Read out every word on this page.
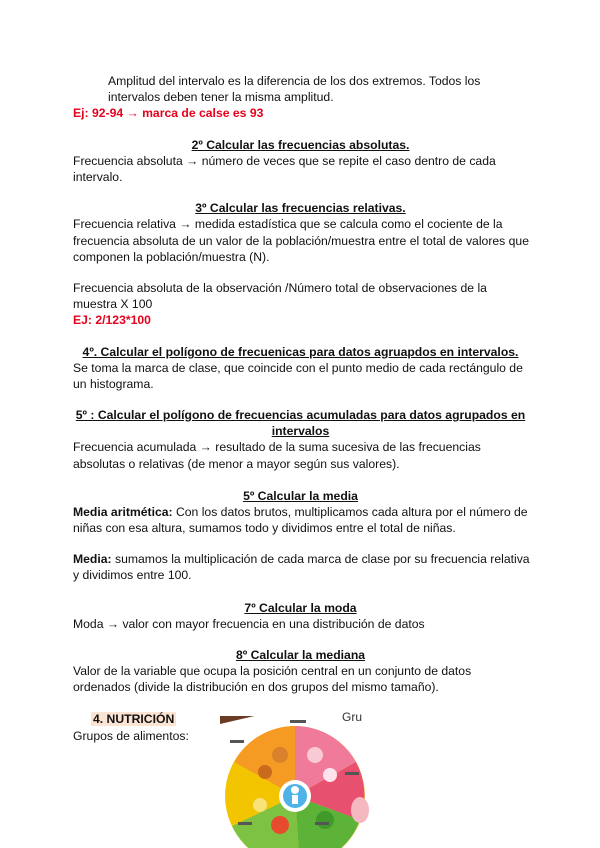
Amplitud del intervalo es la diferencia de los dos extremos. Todos los

intervalos deben tener la misma amplitud.

Ej: 92-94 → marca de calse es 93

2º Calcular las frecuencias absolutas.

Frecuencia absoluta → número de veces que se repite el caso dentro de cada

intervalo.

3º Calcular las frecuencias relativas.

Frecuencia relativa → medida estadística que se calcula como el cociente de la

frecuencia absoluta de un valor de la población/muestra entre el total de valores que

componen la población/muestra (N).

Frecuencia absoluta de la observación /Número total de observaciones de la

muestra X 100

EJ: 2/123*100

4º. Calcular el polígono de frecuenicas para datos agruapdos en intervalos.

Se toma la marca de clase, que coincide con el punto medio de cada rectángulo de

un histograma.

5º : Calcular el polígono de frecuencias acumuladas para datos agrupados en
intervalos

Frecuencia acumulada → resultado de la suma sucesiva de las frecuencias

absolutas o relativas (de menor a mayor según sus valores).

5º Calcular la media

Media aritmética: Con los datos brutos, multiplicamos cada altura por el número de

niñas con esa altura, sumamos todo y dividimos entre el total de niñas.

Media: sumamos la multiplicación de cada marca de clase por su frecuencia relativa

y dividimos entre 100.

7º Calcular la moda

Moda → valor con mayor frecuencia en una distribución de datos

8º Calcular la mediana

Valor de la variable que ocupa la posición central en un conjunto de datos

ordenados (divide la distribución en dos grupos del mismo tamaño).

4. NUTRICIÓN

Grupos de alimentos:

Gru
